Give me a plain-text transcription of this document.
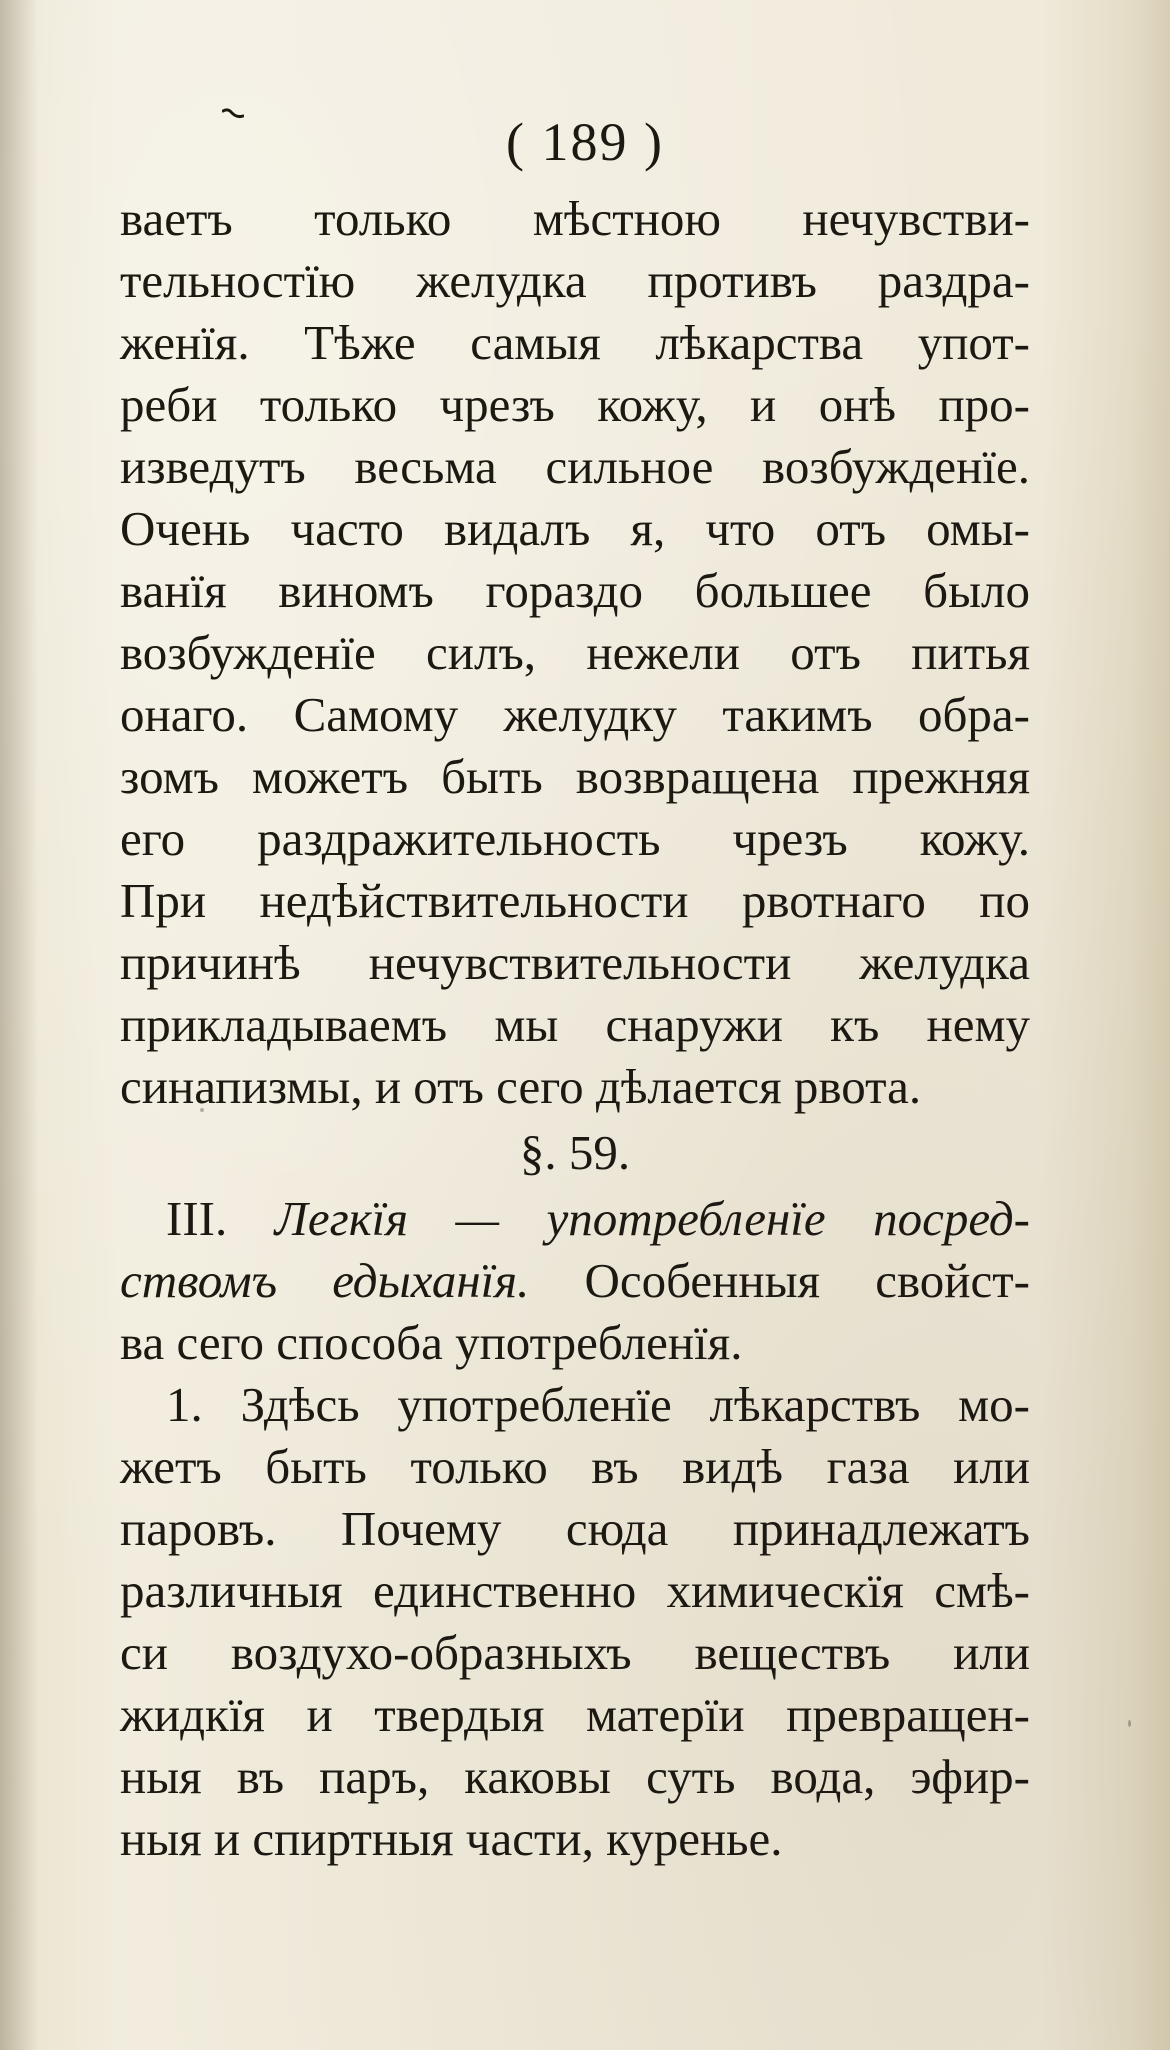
( 189 )
ваетъ только мѣстною нечувстви-
тельностїю желудка противъ раздра-
женїя. Тѣже самыя лѣкарства упот-
реби только чрезъ кожу, и онѣ про-
изведутъ весьма сильное возбужденїе.
Очень часто видалъ я, что отъ омы-
ванїя виномъ гораздо большее было
возбужденїе силъ, нежели отъ питья
онаго. Самому желудку такимъ обра-
зомъ можетъ быть возвращена прежняя
его раздражительность чрезъ кожу.
При недѣйствительности рвотнаго по
причинѣ нечувствительности желудка
прикладываемъ мы снаружи къ нему
синапизмы, и отъ сего дѣлается рвота.
§. 59.
III. Легкїя — употребленїе посред-
ствомъ едыханїя. Особенныя свойст-
ва сего способа употребленїя.
1. Здѣсь употребленїе лѣкарствъ мо-
жетъ быть только въ видѣ газа или
паровъ. Почему сюда принадлежатъ
различныя единственно химическїя смѣ-
си воздухо-образныхъ веществъ или
жидкїя и твердыя матерїи превращен-
ныя въ паръ, каковы суть вода, эфир-
ныя и спиртныя части, куренье.
